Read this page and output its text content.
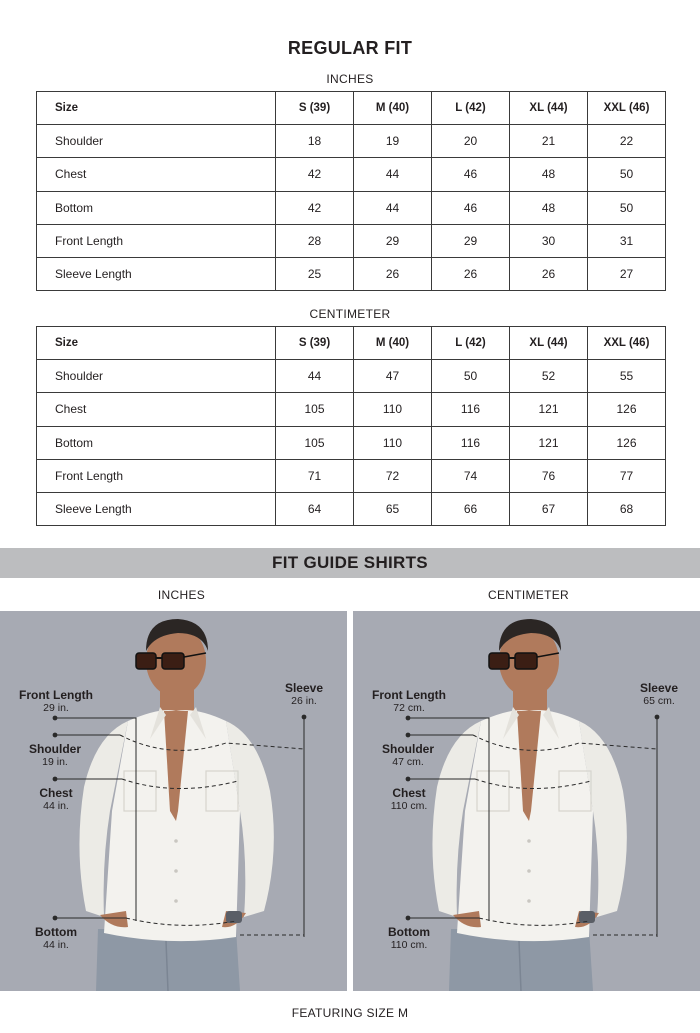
REGULAR FIT
INCHES
Size	S (39)	M (40)	L (42)	XL (44)	XXL (46)
Shoulder	18	19	20	21	22
Chest	42	44	46	48	50
Bottom	42	44	46	48	50
Front Length	28	29	29	30	31
Sleeve Length	25	26	26	26	27
CENTIMETER
Size	S (39)	M (40)	L (42)	XL (44)	XXL (46)
Shoulder	44	47	50	52	55
Chest	105	110	116	121	126
Bottom	105	110	116	121	126
Front Length	71	72	74	76	77
Sleeve Length	64	65	66	67	68
FIT GUIDE SHIRTS
INCHES	CENTIMETER
Front Length
29 in.
Sleeve
26 in.
Shoulder
19 in.
Chest
44 in.
Bottom
44 in.
Front Length
72 cm.
Sleeve
65 cm.
Shoulder
47 cm.
Chest
110 cm.
Bottom
110 cm.
FEATURING SIZE M
